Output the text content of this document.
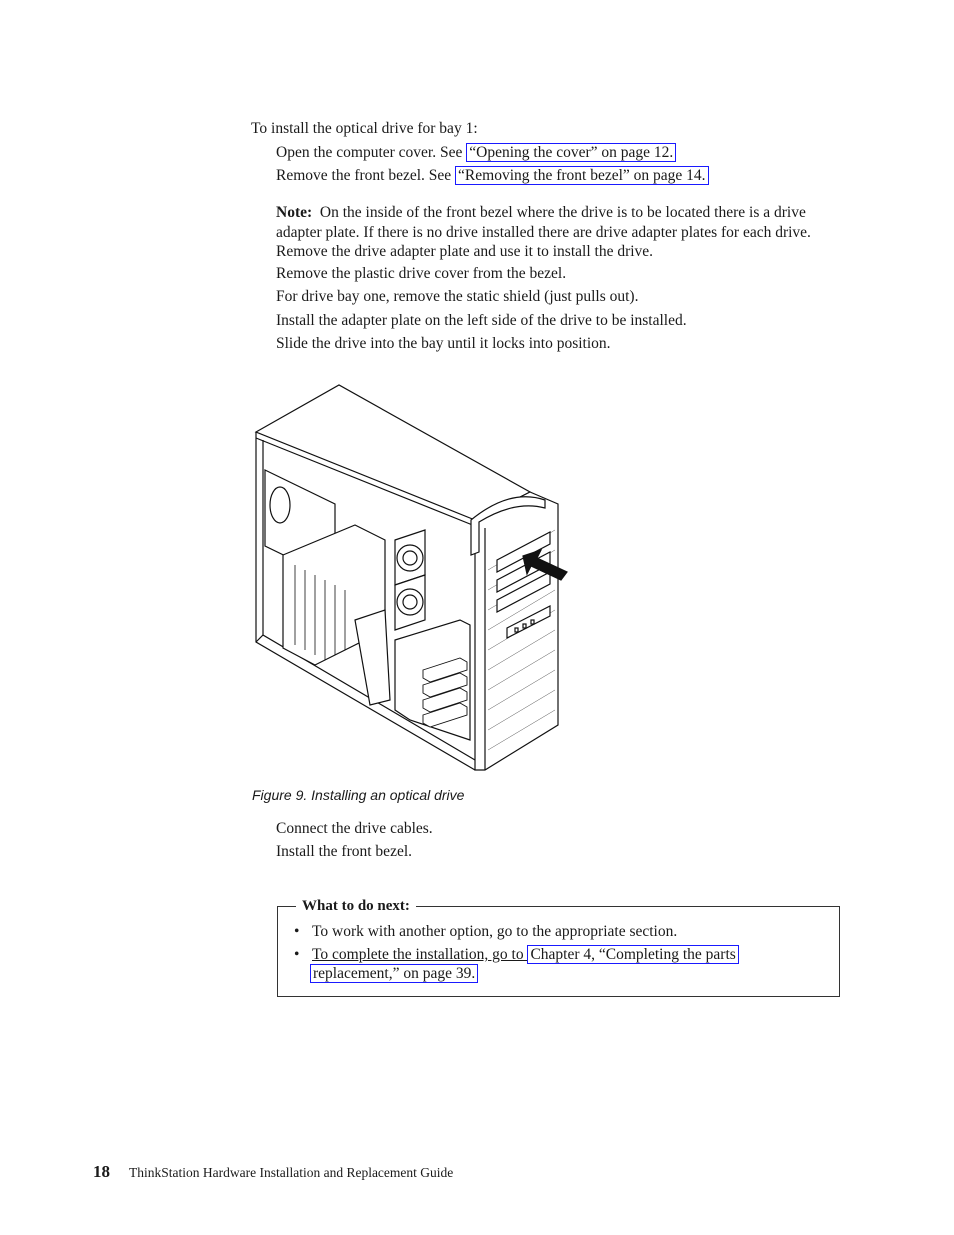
To install the optical drive for bay 1:
Open the computer cover. See “Opening the cover” on page 12.
Remove the front bezel. See “Removing the front bezel” on page 14.
Note: On the inside of the front bezel where the drive is to be located there is a drive adapter plate. If there is no drive installed there are drive adapter plates for each drive. Remove the drive adapter plate and use it to install the drive.
Remove the plastic drive cover from the bezel.
For drive bay one, remove the static shield (just pulls out).
Install the adapter plate on the left side of the drive to be installed.
Slide the drive into the bay until it locks into position.
Figure 9. Installing an optical drive
Connect the drive cables.
Install the front bezel.
What to do next:
• To work with another option, go to the appropriate section.
• To complete the installation, go to Chapter 4, “Completing the parts
replacement,” on page 39.
18 ThinkStation Hardware Installation and Replacement Guide
